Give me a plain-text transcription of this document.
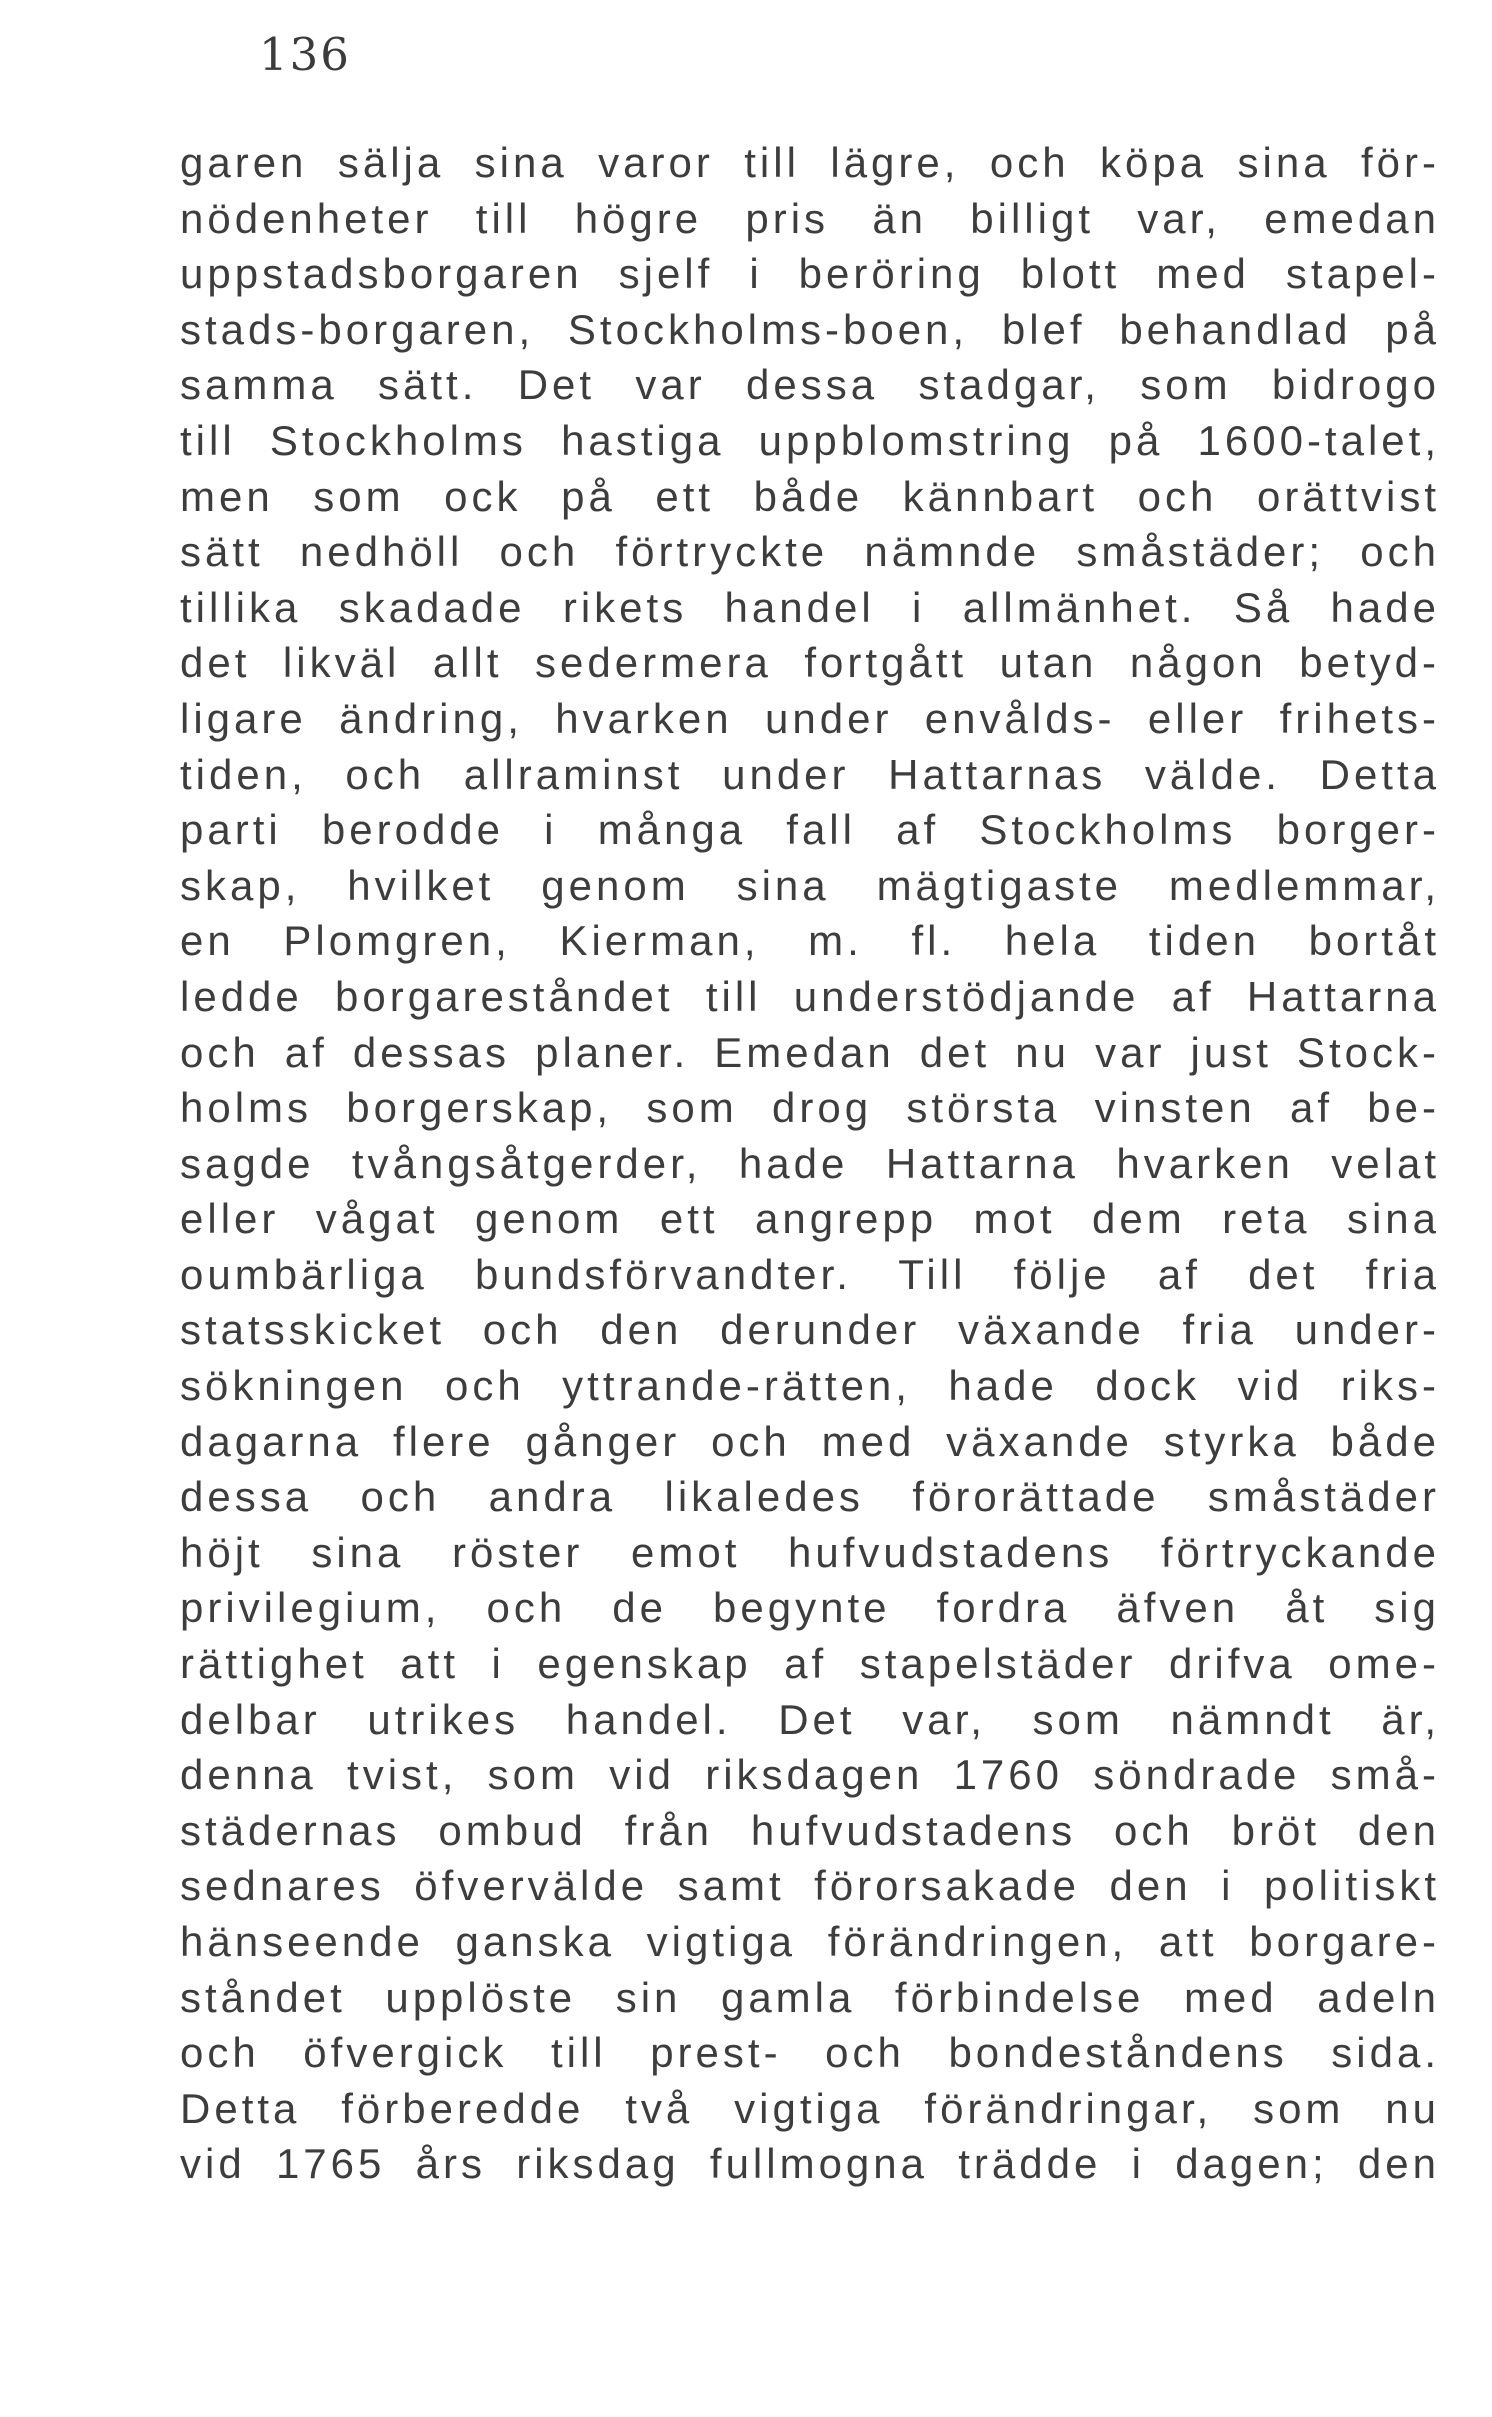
136

garen sälja sina varor till lägre, och köpa sina för-
nödenheter till högre pris än billigt var, emedan
uppstadsborgaren sjelf i beröring blott med stapel-
stads-borgaren, Stockholms-boen, blef behandlad på
samma sätt. Det var dessa stadgar, som bidrogo
till Stockholms hastiga uppblomstring på 1600-talet,
men som ock på ett både kännbart och orättvist
sätt nedhöll och förtryckte nämnde småstäder; och
tillika skadade rikets handel i allmänhet. Så hade
det likväl allt sedermera fortgått utan någon betyd-
ligare ändring, hvarken under envålds- eller frihets-
tiden, och allraminst under Hattarnas välde. Detta
parti berodde i många fall af Stockholms borger-
skap, hvilket genom sina mägtigaste medlemmar,
en Plomgren, Kierman, m. fl. hela tiden bortåt
ledde borgareståndet till understödjande af Hattarna
och af dessas planer. Emedan det nu var just Stock-
holms borgerskap, som drog största vinsten af be-
sagde tvångsåtgerder, hade Hattarna hvarken velat
eller vågat genom ett angrepp mot dem reta sina
oumbärliga bundsförvandter. Till följe af det fria
statsskicket och den derunder växande fria under-
sökningen och yttrande-rätten, hade dock vid riks-
dagarna flere gånger och med växande styrka både
dessa och andra likaledes förorättade småstäder
höjt sina röster emot hufvudstadens förtryckande
privilegium, och de begynte fordra äfven åt sig
rättighet att i egenskap af stapelstäder drifva ome-
delbar utrikes handel. Det var, som nämndt är,
denna tvist, som vid riksdagen 1760 söndrade små-
städernas ombud från hufvudstadens och bröt den
sednares öfvervälde samt förorsakade den i politiskt
hänseende ganska vigtiga förändringen, att borgare-
ståndet upplöste sin gamla förbindelse med adeln
och öfvergick till prest- och bondeståndens sida.
Detta förberedde två vigtiga förändringar, som nu
vid 1765 års riksdag fullmogna trädde i dagen; den
